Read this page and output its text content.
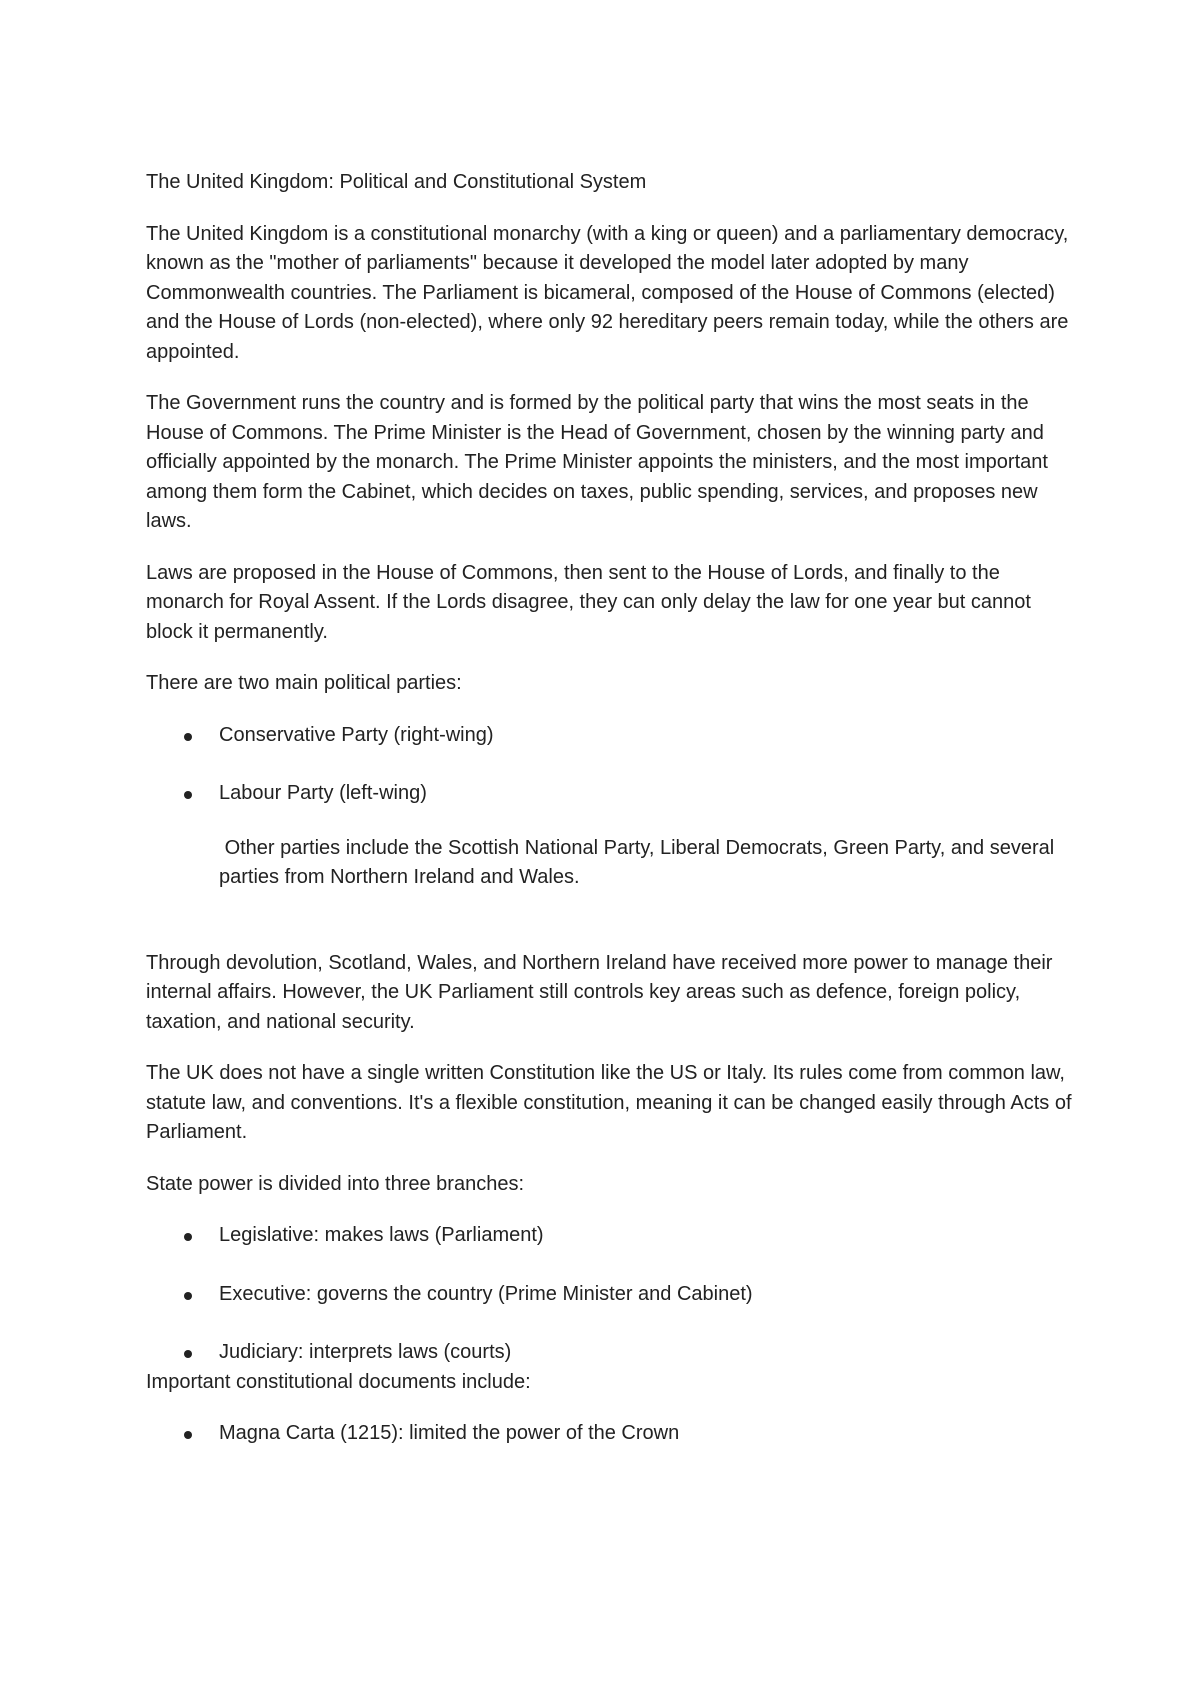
The United Kingdom: Political and Constitutional System

The United Kingdom is a constitutional monarchy (with a king or queen) and a parliamentary democracy, known as the "mother of parliaments" because it developed the model later adopted by many Commonwealth countries. The Parliament is bicameral, composed of the House of Commons (elected) and the House of Lords (non-elected), where only 92 hereditary peers remain today, while the others are appointed.

The Government runs the country and is formed by the political party that wins the most seats in the House of Commons. The Prime Minister is the Head of Government, chosen by the winning party and officially appointed by the monarch. The Prime Minister appoints the ministers, and the most important among them form the Cabinet, which decides on taxes, public spending, services, and proposes new laws.

Laws are proposed in the House of Commons, then sent to the House of Lords, and finally to the monarch for Royal Assent. If the Lords disagree, they can only delay the law for one year but cannot block it permanently.

There are two main political parties:

Conservative Party (right-wing)
Labour Party (left-wing)

Other parties include the Scottish National Party, Liberal Democrats, Green Party, and several parties from Northern Ireland and Wales.

Through devolution, Scotland, Wales, and Northern Ireland have received more power to manage their internal affairs. However, the UK Parliament still controls key areas such as defence, foreign policy, taxation, and national security.

The UK does not have a single written Constitution like the US or Italy. Its rules come from common law, statute law, and conventions. It's a flexible constitution, meaning it can be changed easily through Acts of Parliament.

State power is divided into three branches:

Legislative: makes laws (Parliament)
Executive: governs the country (Prime Minister and Cabinet)
Judiciary: interprets laws (courts)

Important constitutional documents include:

Magna Carta (1215): limited the power of the Crown
